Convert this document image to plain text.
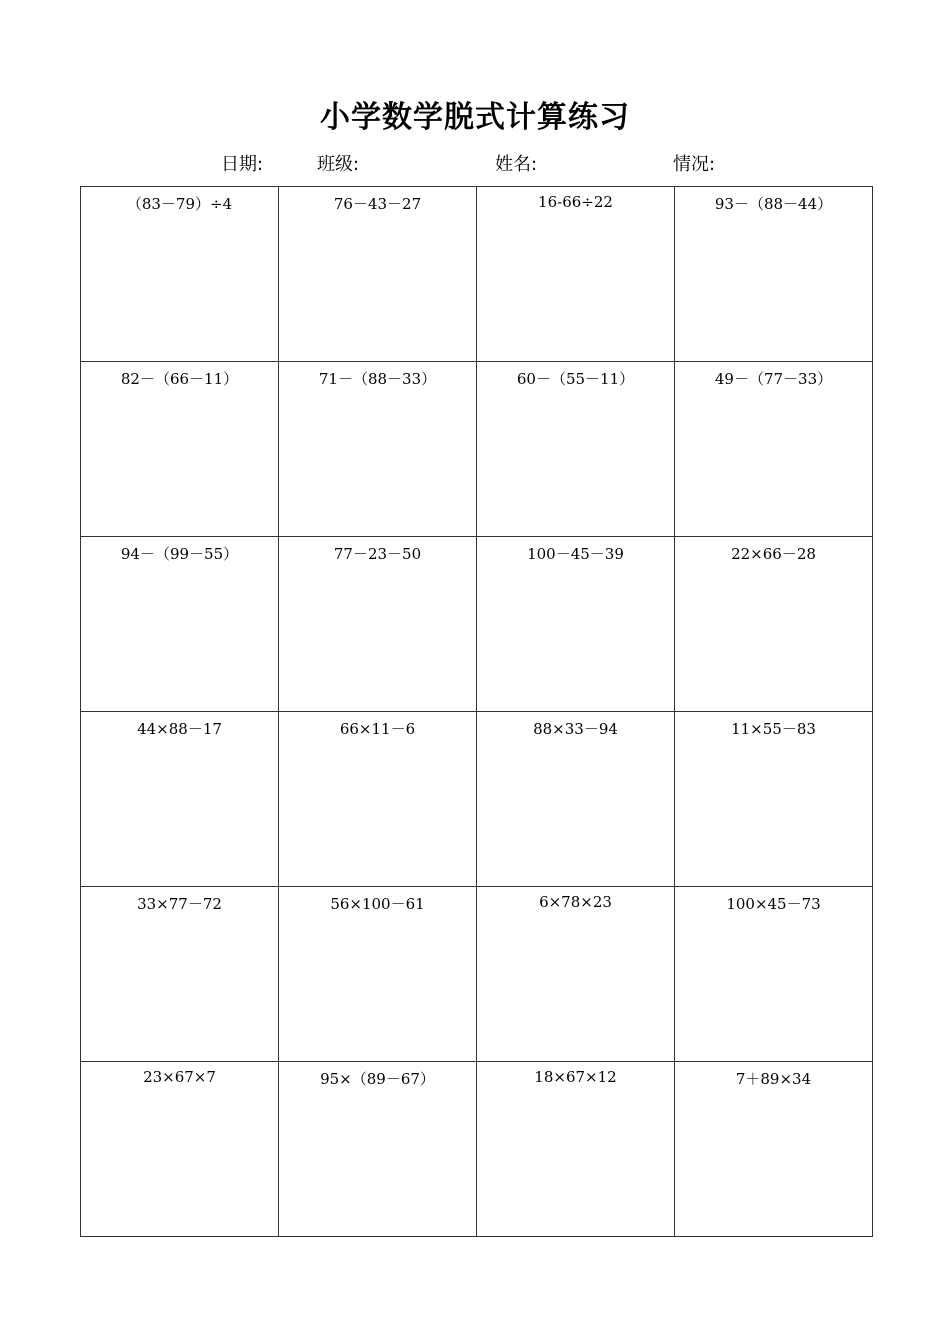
小学数学脱式计算练习
日期:	班级:	姓名:	情况:
（83－79）÷4	76－43－27	16-66÷22	93－（88－44）

82－（66－11）	71－（88－33）	60－（55－11）	49－（77－33）

94－（99－55）	77－23－50	100－45－39	22×66－28

44×88－17	66×11－6	88×33－94	11×55－83

33×77－72	56×100－61	6×78×23	100×45－73

23×67×7	95×（89－67）	18×67×12	7＋89×34
